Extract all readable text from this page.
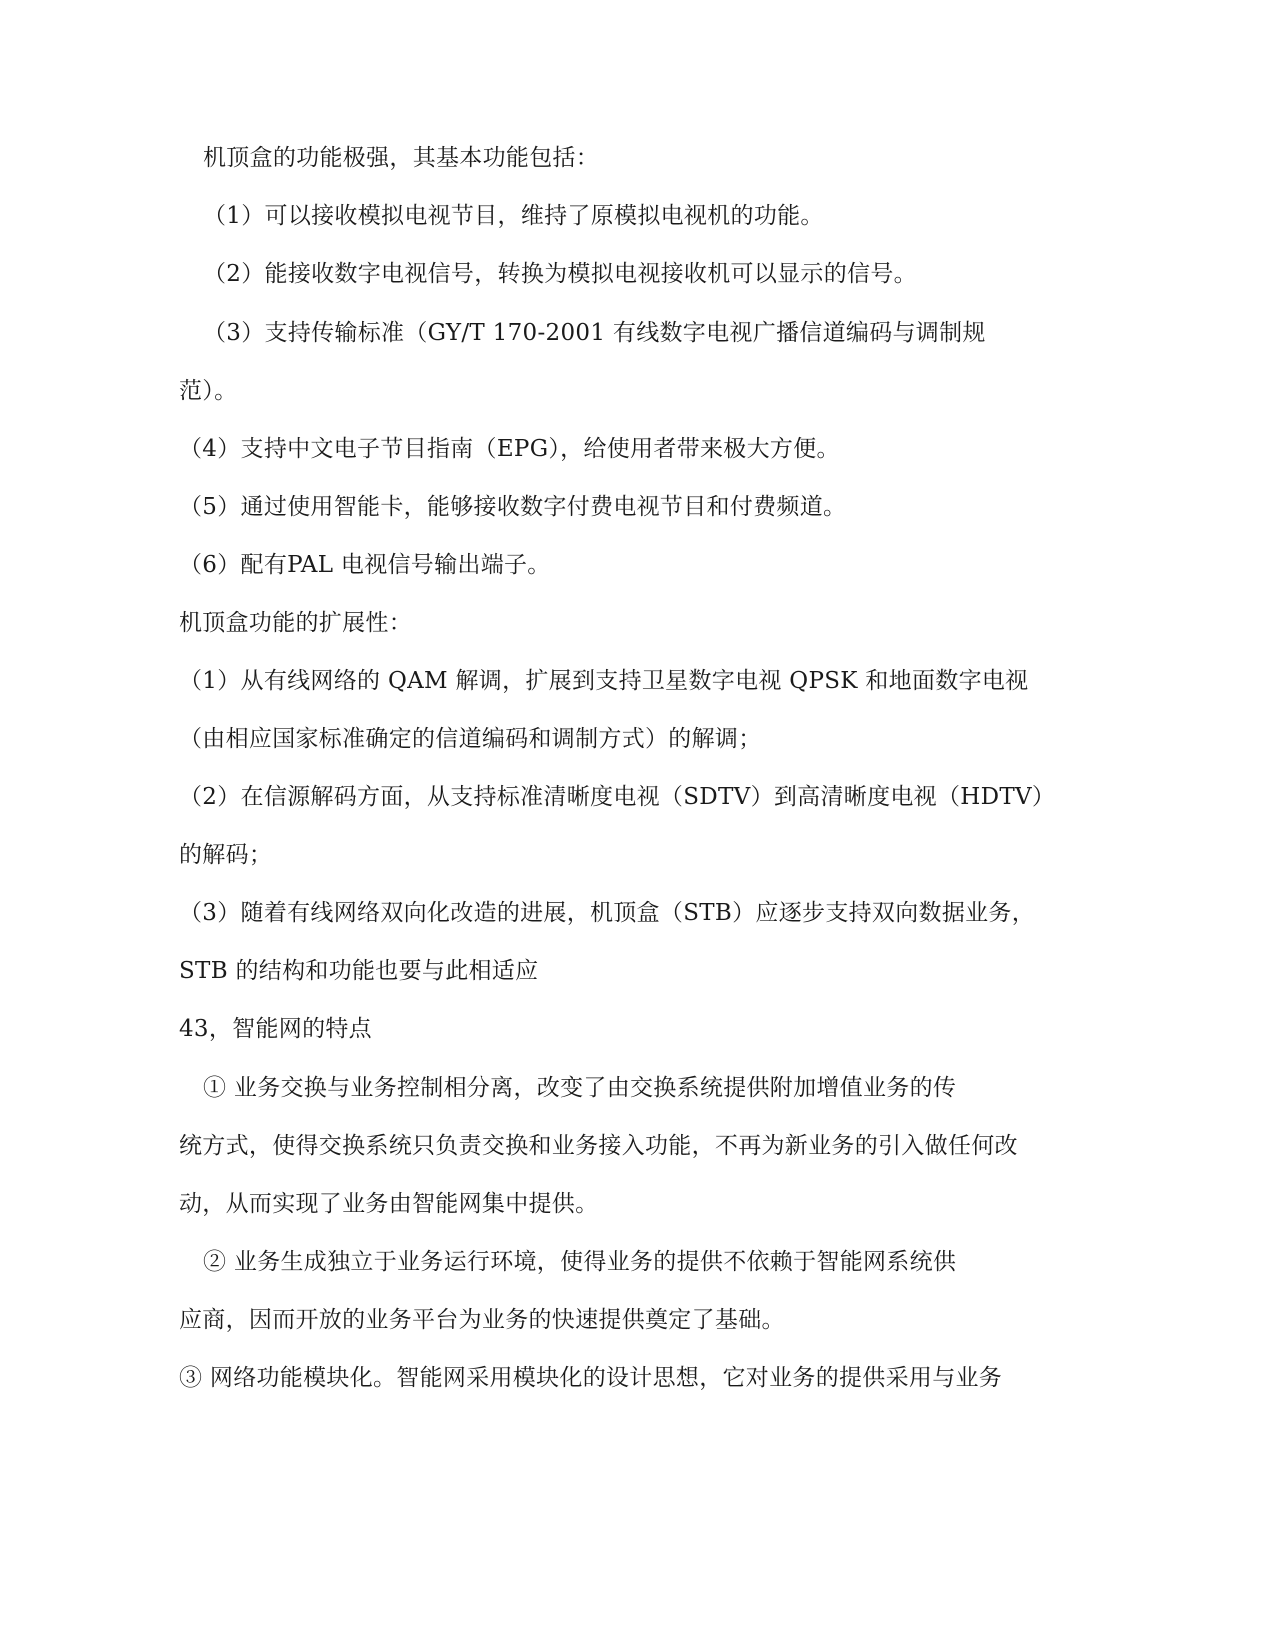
机顶盒的功能极强，其基本功能包括：
（1）可以接收模拟电视节目，维持了原模拟电视机的功能。
（2）能接收数字电视信号，转换为模拟电视接收机可以显示的信号。
（3）支持传输标准（GY/T 170-2001 有线数字电视广播信道编码与调制规
范）。
（4）支持中文电子节目指南（EPG），给使用者带来极大方便。
（5）通过使用智能卡，能够接收数字付费电视节目和付费频道。
（6）配有PAL 电视信号输出端子。
机顶盒功能的扩展性：
（1）从有线网络的 QAM 解调，扩展到支持卫星数字电视 QPSK 和地面数字电视
（由相应国家标准确定的信道编码和调制方式）的解调；
（2）在信源解码方面，从支持标准清晰度电视（SDTV）到高清晰度电视（HDTV）
的解码；
（3）随着有线网络双向化改造的进展，机顶盒（STB）应逐步支持双向数据业务，
STB 的结构和功能也要与此相适应
43，智能网的特点
① 业务交换与业务控制相分离，改变了由交换系统提供附加增值业务的传
统方式，使得交换系统只负责交换和业务接入功能，不再为新业务的引入做任何改
动，从而实现了业务由智能网集中提供。
② 业务生成独立于业务运行环境，使得业务的提供不依赖于智能网系统供
应商，因而开放的业务平台为业务的快速提供奠定了基础。
③ 网络功能模块化。智能网采用模块化的设计思想，它对业务的提供采用与业务
